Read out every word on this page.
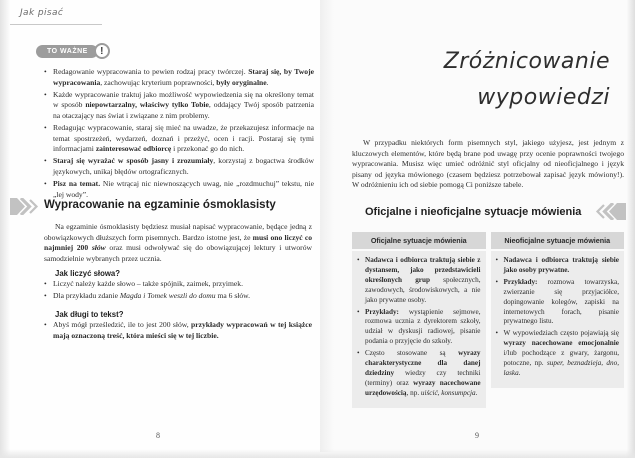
Jak pisać
TO WAŻNE	!
• Redagowanie wypracowania to pewien rodzaj pracy twórczej. Staraj się, by Twoje wypracowania, zachowując kryterium poprawności, były oryginalne.
• Każde wypracowanie traktuj jako możliwość wypowiedzenia się na określony temat w sposób niepowtarzalny, właściwy tylko Tobie, oddający Twój sposób patrzenia na otaczający nas świat i związane z nim problemy.
• Redagując wypracowanie, staraj się mieć na uwadze, że przekazujesz informacje na temat spostrzeżeń, wydarzeń, doznań i przeżyć, ocen i racji. Postaraj się tymi informacjami zainteresować odbiorcę i przekonać go do nich.
• Staraj się wyrażać w sposób jasny i zrozumiały, korzystaj z bogactwa środków językowych, unikaj błędów ortograficznych.
• Pisz na temat. Nie wtrącaj nic niewnoszących uwag, nie „rozdmuchuj” tekstu, nie „lej wody”.
Wypracowanie na egzaminie ósmoklasisty

Na egzaminie ósmoklasisty będziesz musiał napisać wypracowanie, będące jedną z obowiązkowych dłuższych form pisemnych. Bardzo istotne jest, że musi ono liczyć co najmniej 200 słów oraz musi odwoływać się do obowiązującej lektury i utworów samodzielnie wybranych przez ucznia.

Jak liczyć słowa?
• Liczyć należy każde słowo – także spójnik, zaimek, przyimek.
• Dla przykładu zdanie Magda i Tomek weszli do domu ma 6 słów.
Jak długi to tekst?
• Abyś mógł prześledzić, ile to jest 200 słów, przykłady wypracowań w tej książce mają oznaczoną treść, która mieści się w tej liczbie.
8
Zróżnicowanie
wypowiedzi

W przypadku niektórych form pisemnych styl, jakiego użyjesz, jest jednym z kluczowych elementów, które będą brane pod uwagę przy ocenie poprawności twojego wypracowania. Musisz więc umieć odróżnić styl oficjalny od nieoficjalnego i język pisany od języka mówionego (czasem będziesz potrzebował zapisać język mówiony!). W odróżnieniu ich od siebie pomogą Ci poniższe tabele.

Oficjalne i nieoficjalne sytuacje mówienia
Oficjalne sytuacje mówienia
• Nadawca i odbiorca traktują siebie z dystansem, jako przedstawicieli określonych grup społecznych, zawodowych, środowiskowych, a nie jako prywatne osoby.
• Przykłady: wystąpienie sejmowe, rozmowa ucznia z dyrektorem szkoły, udział w dyskusji radiowej, pisanie podania o przyjęcie do szkoły.
• Często stosowane są wyrazy charakterystyczne dla danej dziedziny wiedzy czy techniki (terminy) oraz wyrazy nacechowane urzędowością, np. uiścić, konsumpcja.
Nieoficjalne sytuacje mówienia
• Nadawca i odbiorca traktują siebie jako osoby prywatne.
• Przykłady: rozmowa towarzyska, zwierzanie się przyjaciółce, dopingowanie kolegów, zapiski na internetowych forach, pisanie prywatnego listu.
• W wypowiedziach często pojawiają się wyrazy nacechowane emocjonalnie i/lub pochodzące z gwary, żargonu, potoczne, np. super, beznadzieja, dno, laska.
9
